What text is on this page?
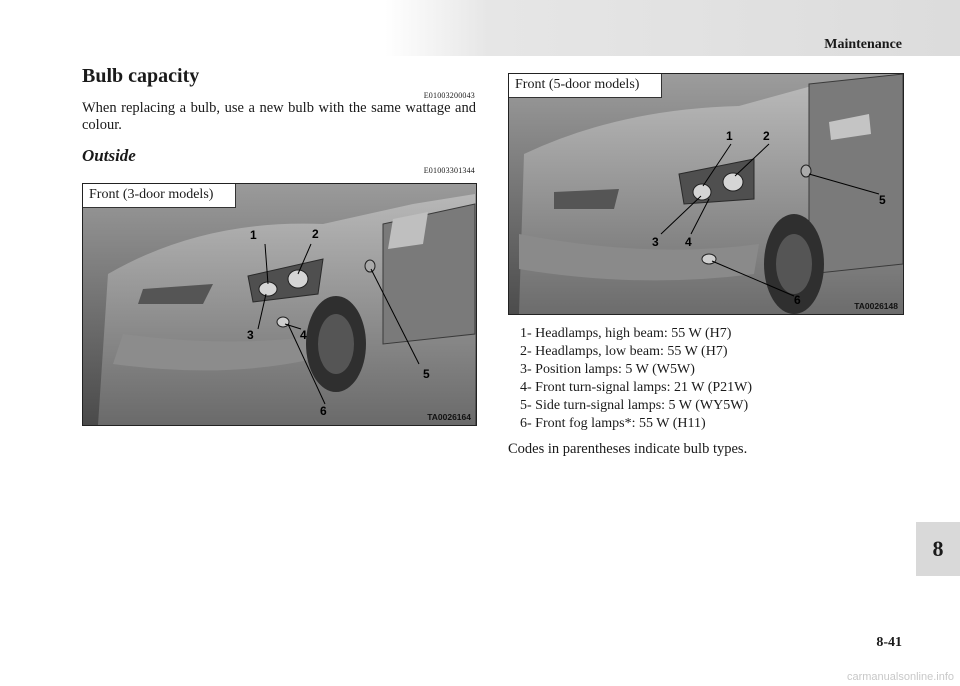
Maintenance
Bulb capacity
E01003200043
When replacing a bulb, use a new bulb with the same wattage and colour.
Outside
E01003301344
Front (3-door models)
1	2
3	4
5
6	TA0026164
Front (5-door models)
1	2
3 4
5
6	TA0026148
1- Headlamps, high beam: 55 W (H7)
2- Headlamps, low beam: 55 W (H7)
3- Position lamps: 5 W (W5W)
4- Front turn-signal lamps: 21 W (P21W)
5- Side turn-signal lamps: 5 W (WY5W)
6- Front fog lamps*: 55 W (H11)
Codes in parentheses indicate bulb types.
8
8-41
carmanualsonline.info
